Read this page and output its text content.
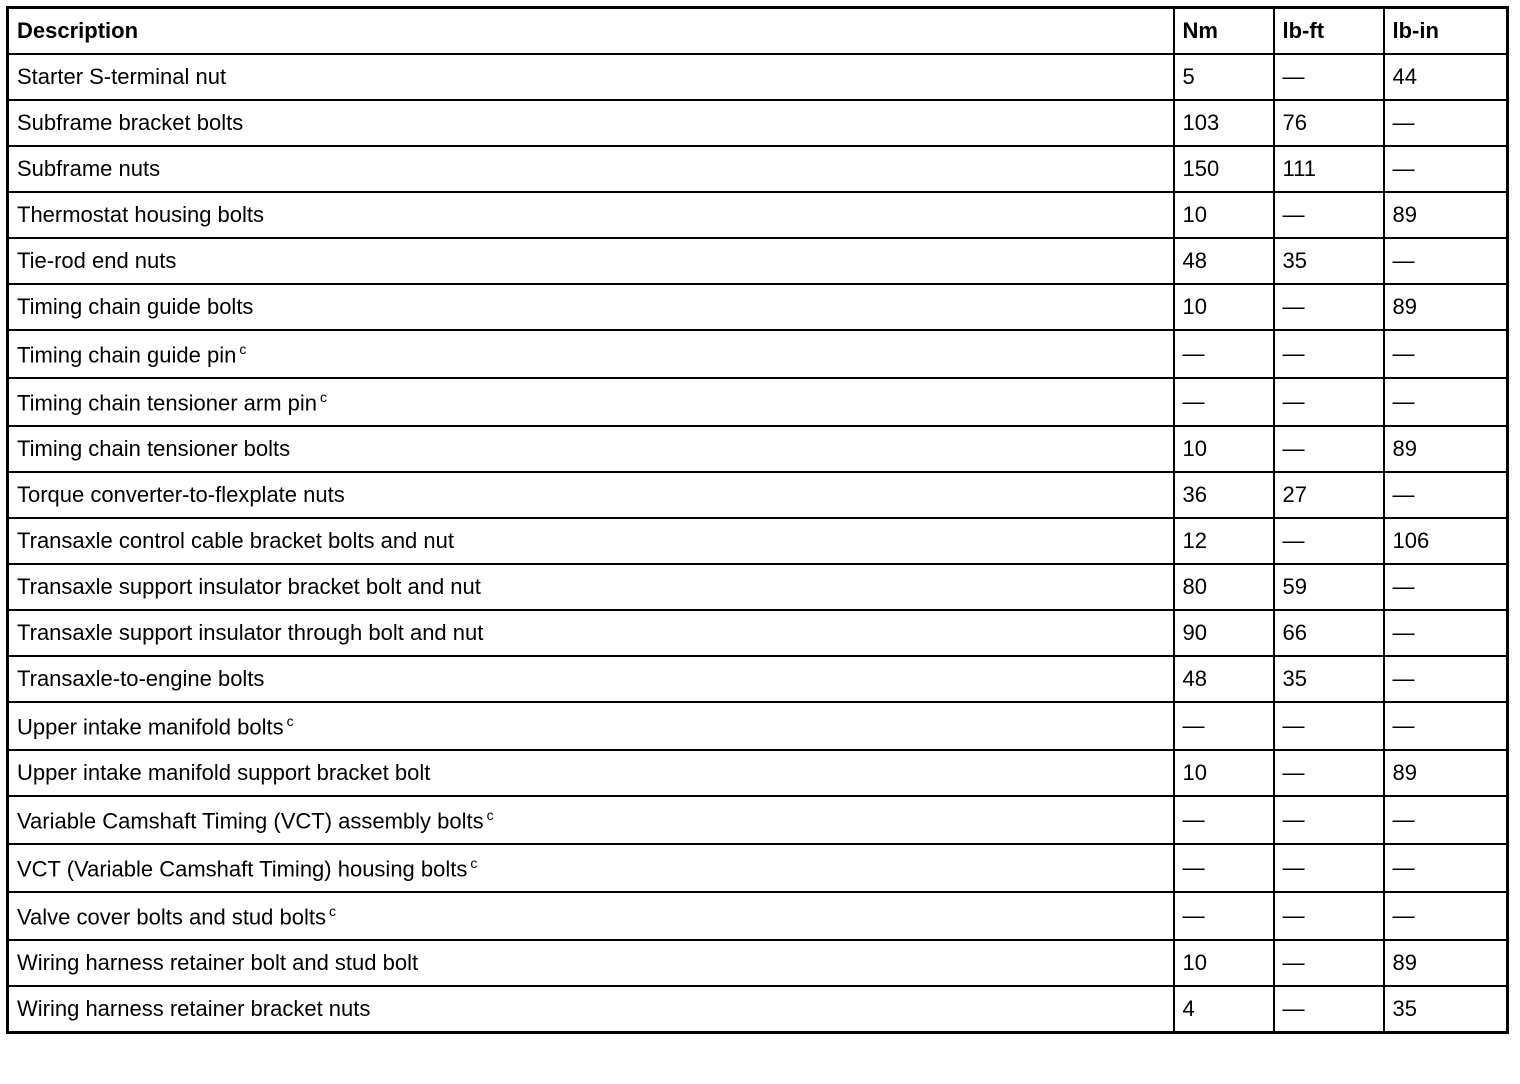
Description	Nm	lb-ft	lb-in
Starter S-terminal nut	5	—	44
Subframe bracket bolts	103	76	—
Subframe nuts	150	111	—
Thermostat housing bolts	10	—	89
Tie-rod end nuts	48	35	—
Timing chain guide bolts	10	—	89
Timing chain guide pin $^c$	—	—	—
Timing chain tensioner arm pin $^c$	—	—	—
Timing chain tensioner bolts	10	—	89
Torque converter-to-flexplate nuts	36	27	—
Transaxle control cable bracket bolts and nut	12	—	106
Transaxle support insulator bracket bolt and nut	80	59	—
Transaxle support insulator through bolt and nut	90	66	—
Transaxle-to-engine bolts	48	35	—
Upper intake manifold bolts $^c$	—	—	—
Upper intake manifold support bracket bolt	10	—	89
Variable Camshaft Timing (VCT) assembly bolts $^c$	—	—	—
VCT (Variable Camshaft Timing) housing bolts $^c$	—	—	—
Valve cover bolts and stud bolts $^c$	—	—	—
Wiring harness retainer bolt and stud bolt	10	—	89
Wiring harness retainer bracket nuts	4	—	35
